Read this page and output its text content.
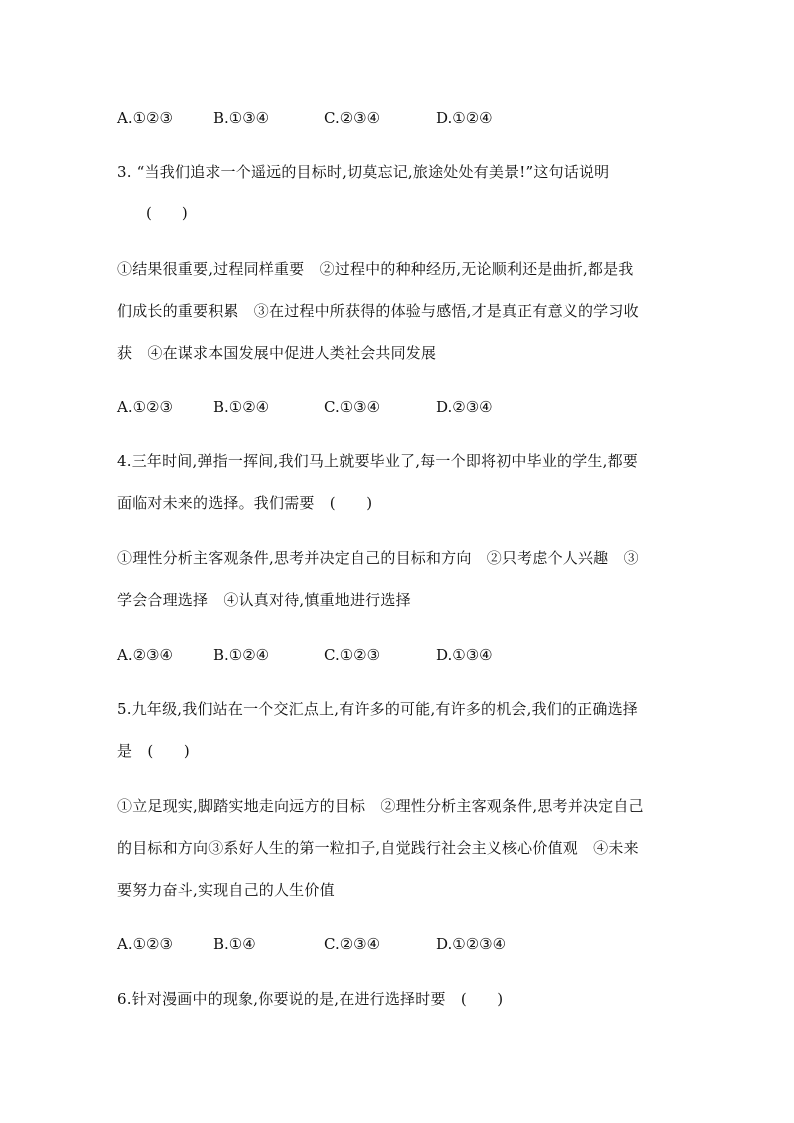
A.①②③	B.①③④	C.②③④	D.①②④
3. “当我们追求一个遥远的目标时,切莫忘记,旅途处处有美景!”这句话说明
(　　)
①结果很重要,过程同样重要　②过程中的种种经历,无论顺利还是曲折,都是我
们成长的重要积累　③在过程中所获得的体验与感悟,才是真正有意义的学习收
获　④在谋求本国发展中促进人类社会共同发展
A.①②③	B.①②④	C.①③④	D.②③④
4.三年时间,弹指一挥间,我们马上就要毕业了,每一个即将初中毕业的学生,都要
面临对未来的选择。我们需要　(　　)
①理性分析主客观条件,思考并决定自己的目标和方向　②只考虑个人兴趣　③
学会合理选择　④认真对待,慎重地进行选择
A.②③④	B.①②④	C.①②③	D.①③④
5.九年级,我们站在一个交汇点上,有许多的可能,有许多的机会,我们的正确选择
是　(　　)
①立足现实,脚踏实地走向远方的目标　②理性分析主客观条件,思考并决定自己
的目标和方向③系好人生的第一粒扣子,自觉践行社会主义核心价值观　④未来
要努力奋斗,实现自己的人生价值
A.①②③	B.①④	C.②③④	D.①②③④
6.针对漫画中的现象,你要说的是,在进行选择时要　(　　)
